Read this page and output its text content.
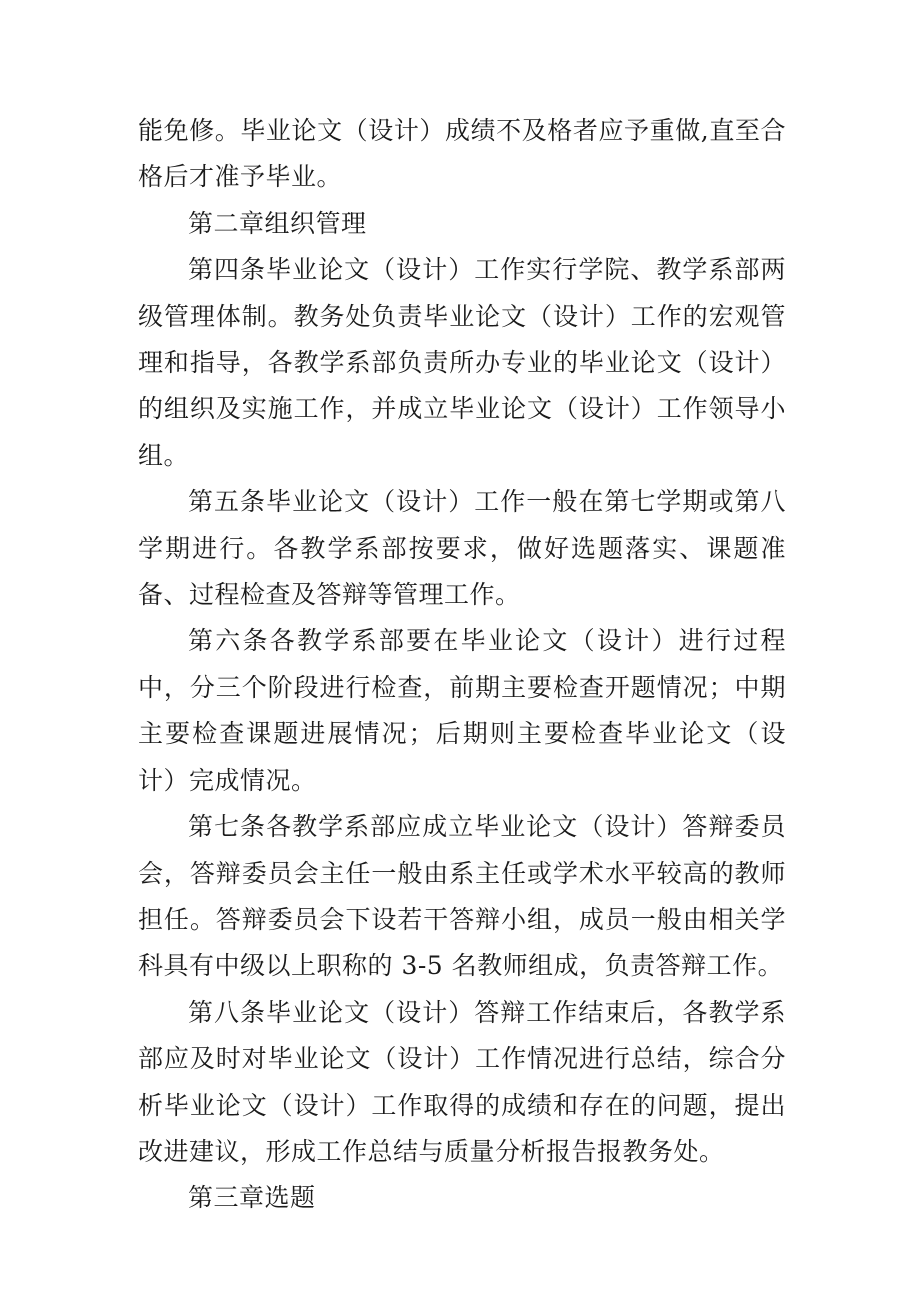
能免修。毕业论文（设计）成绩不及格者应予重做,直至合格后才准予毕业。

第二章组织管理

第四条毕业论文（设计）工作实行学院、教学系部两级管理体制。教务处负责毕业论文（设计）工作的宏观管理和指导，各教学系部负责所办专业的毕业论文（设计）的组织及实施工作，并成立毕业论文（设计）工作领导小组。

第五条毕业论文（设计）工作一般在第七学期或第八学期进行。各教学系部按要求，做好选题落实、课题准备、过程检查及答辩等管理工作。

第六条各教学系部要在毕业论文（设计）进行过程中，分三个阶段进行检查，前期主要检查开题情况；中期主要检查课题进展情况；后期则主要检查毕业论文（设计）完成情况。

第七条各教学系部应成立毕业论文（设计）答辩委员会，答辩委员会主任一般由系主任或学术水平较高的教师担任。答辩委员会下设若干答辩小组，成员一般由相关学科具有中级以上职称的 3-5 名教师组成，负责答辩工作。

第八条毕业论文（设计）答辩工作结束后，各教学系部应及时对毕业论文（设计）工作情况进行总结，综合分析毕业论文（设计）工作取得的成绩和存在的问题，提出改进建议，形成工作总结与质量分析报告报教务处。

第三章选题
